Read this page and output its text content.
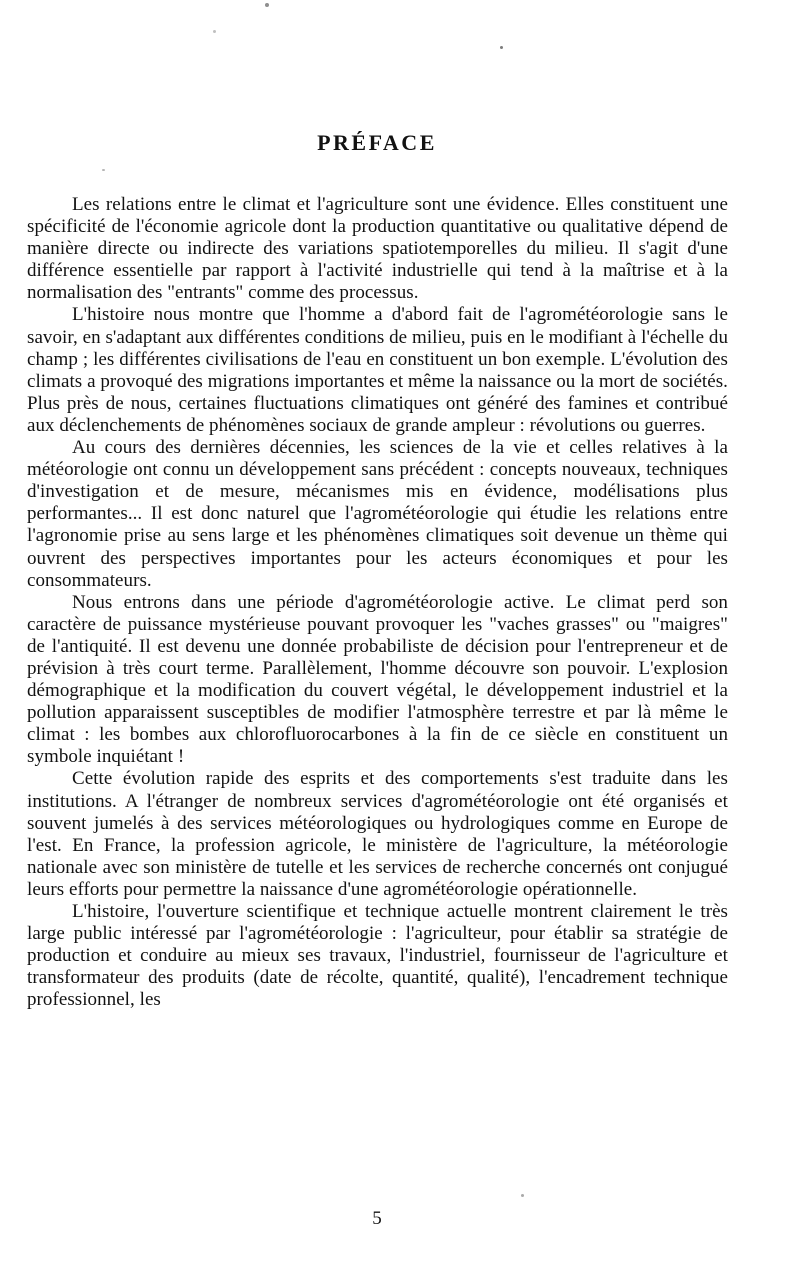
PRÉFACE

Les relations entre le climat et l'agriculture sont une évidence. Elles constituent une spécificité de l'économie agricole dont la production quantitative ou qualitative dépend de manière directe ou indirecte des variations spatiotemporelles du milieu. Il s'agit d'une différence essentielle par rapport à l'activité industrielle qui tend à la maîtrise et à la normalisation des "entrants" comme des processus.

L'histoire nous montre que l'homme a d'abord fait de l'agrométéorologie sans le savoir, en s'adaptant aux différentes conditions de milieu, puis en le modifiant à l'échelle du champ ; les différentes civilisations de l'eau en constituent un bon exemple. L'évolution des climats a provoqué des migrations importantes et même la naissance ou la mort de sociétés. Plus près de nous, certaines fluctuations climatiques ont généré des famines et contribué aux déclenchements de phénomènes sociaux de grande ampleur : révolutions ou guerres.

Au cours des dernières décennies, les sciences de la vie et celles relatives à la météorologie ont connu un développement sans précédent : concepts nouveaux, techniques d'investigation et de mesure, mécanismes mis en évidence, modélisations plus performantes... Il est donc naturel que l'agrométéorologie qui étudie les relations entre l'agronomie prise au sens large et les phénomènes climatiques soit devenue un thème qui ouvrent des perspectives importantes pour les acteurs économiques et pour les consommateurs.

Nous entrons dans une période d'agrométéorologie active. Le climat perd son caractère de puissance mystérieuse pouvant provoquer les "vaches grasses" ou "maigres" de l'antiquité. Il est devenu une donnée probabiliste de décision pour l'entrepreneur et de prévision à très court terme. Parallèlement, l'homme découvre son pouvoir. L'explosion démographique et la modification du couvert végétal, le développement industriel et la pollution apparaissent susceptibles de modifier l'atmosphère terrestre et par là même le climat : les bombes aux chlorofluorocarbones à la fin de ce siècle en constituent un symbole inquiétant !

Cette évolution rapide des esprits et des comportements s'est traduite dans les institutions. A l'étranger de nombreux services d'agrométéorologie ont été organisés et souvent jumelés à des services météorologiques ou hydrologiques comme en Europe de l'est. En France, la profession agricole, le ministère de l'agriculture, la météorologie nationale avec son ministère de tutelle et les services de recherche concernés ont conjugué leurs efforts pour permettre la naissance d'une agrométéorologie opérationnelle.

L'histoire, l'ouverture scientifique et technique actuelle montrent clairement le très large public intéressé par l'agrométéorologie : l'agriculteur, pour établir sa stratégie de production et conduire au mieux ses travaux, l'industriel, fournisseur de l'agriculture et transformateur des produits (date de récolte, quantité, qualité), l'encadrement technique professionnel, les

5
